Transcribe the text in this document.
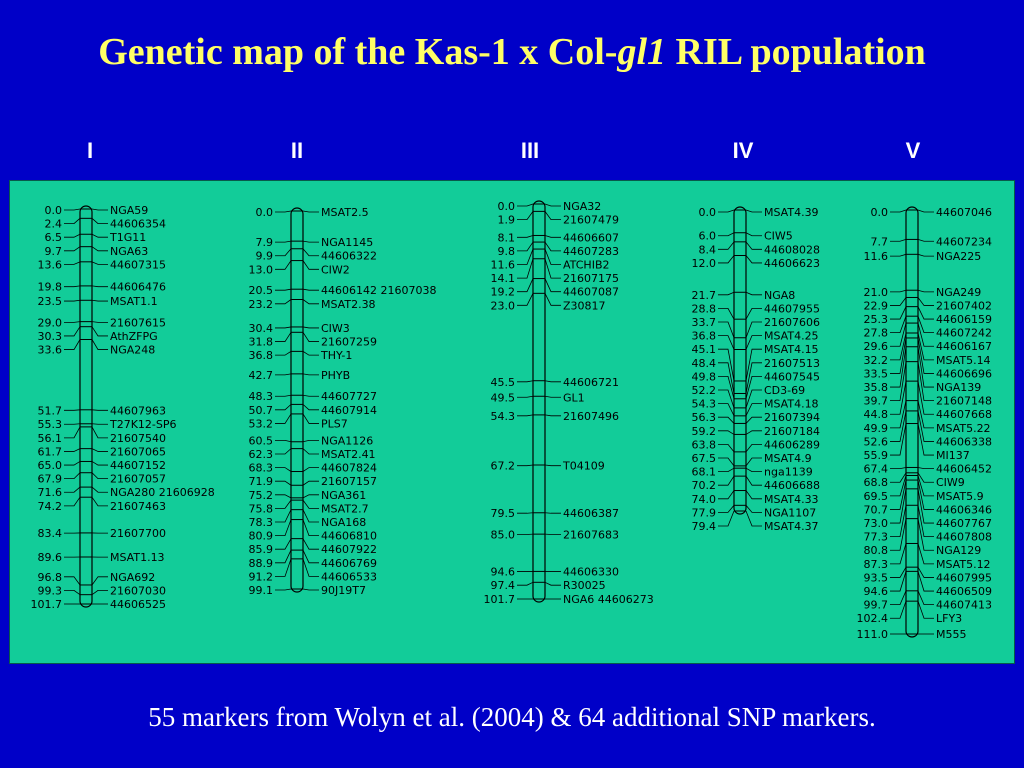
Genetic map of the Kas-1 x Col-gl1 RIL population
I	II	III	IV	V
0.0	NGA59
2.4	44606354
6.5	T1G11
9.7	NGA63
13.6	44607315
19.8	44606476
23.5	MSAT1.1
29.0	21607615
30.3	AthZFPG
33.6	NGA248
51.7	44607963
55.3	T27K12-SP6
56.1	21607540
61.7	21607065
65.0	44607152
67.9	21607057
71.6	NGA280 21606928
74.2	21607463
83.4	21607700
89.6	MSAT1.13
96.8	NGA692
99.3	21607030
101.7	44606525
0.0	MSAT2.5
7.9	NGA1145
9.9	44606322
13.0	CIW2
20.5	44606142 21607038
23.2	MSAT2.38
30.4	CIW3
31.8	21607259
36.8	THY-1
42.7	PHYB
48.3	44607727
50.7	44607914
53.2	PLS7
60.5	NGA1126
62.3	MSAT2.41
68.3	44607824
71.9	21607157
75.2	NGA361
75.8	MSAT2.7
78.3	NGA168
80.9	44606810
85.9	44607922
88.9	44606769
91.2	44606533
99.1	90J19T7
0.0	NGA32
1.9	21607479
8.1	44606607
9.8	44607283
11.6	ATCHIB2
14.1	21607175
19.2	44607087
23.0	Z30817
45.5	44606721
49.5	GL1
54.3	21607496
67.2	T04109
79.5	44606387
85.0	21607683
94.6	44606330
97.4	R30025
101.7	NGA6 44606273
0.0	MSAT4.39
6.0	CIW5
8.4	44608028
12.0	44606623
21.7	NGA8
28.8	44607955
33.7	21607606
36.8	MSAT4.25
45.1	MSAT4.15
48.4	21607513
49.8	44607545
52.2	CD3-69
54.3	MSAT4.18
56.3	21607394
59.2	21607184
63.8	44606289
67.5	MSAT4.9
68.1	nga1139
70.2	44606688
74.0	MSAT4.33
77.9	NGA1107
79.4	MSAT4.37
0.0	44607046
7.7	44607234
11.6	NGA225
21.0	NGA249
22.9	21607402
25.3	44606159
27.8	44607242
29.6	44606167
32.2	MSAT5.14
33.5	44606696
35.8	NGA139
39.7	21607148
44.8	44607668
49.9	MSAT5.22
52.6	44606338
55.9	MI137
67.4	44606452
68.8	CIW9
69.5	MSAT5.9
70.7	44606346
73.0	44607767
77.3	44607808
80.8	NGA129
87.3	MSAT5.12
93.5	44607995
94.6	44606509
99.7	44607413
102.4	LFY3
111.0	M555
55 markers from Wolyn et al. (2004) & 64 additional SNP markers.
